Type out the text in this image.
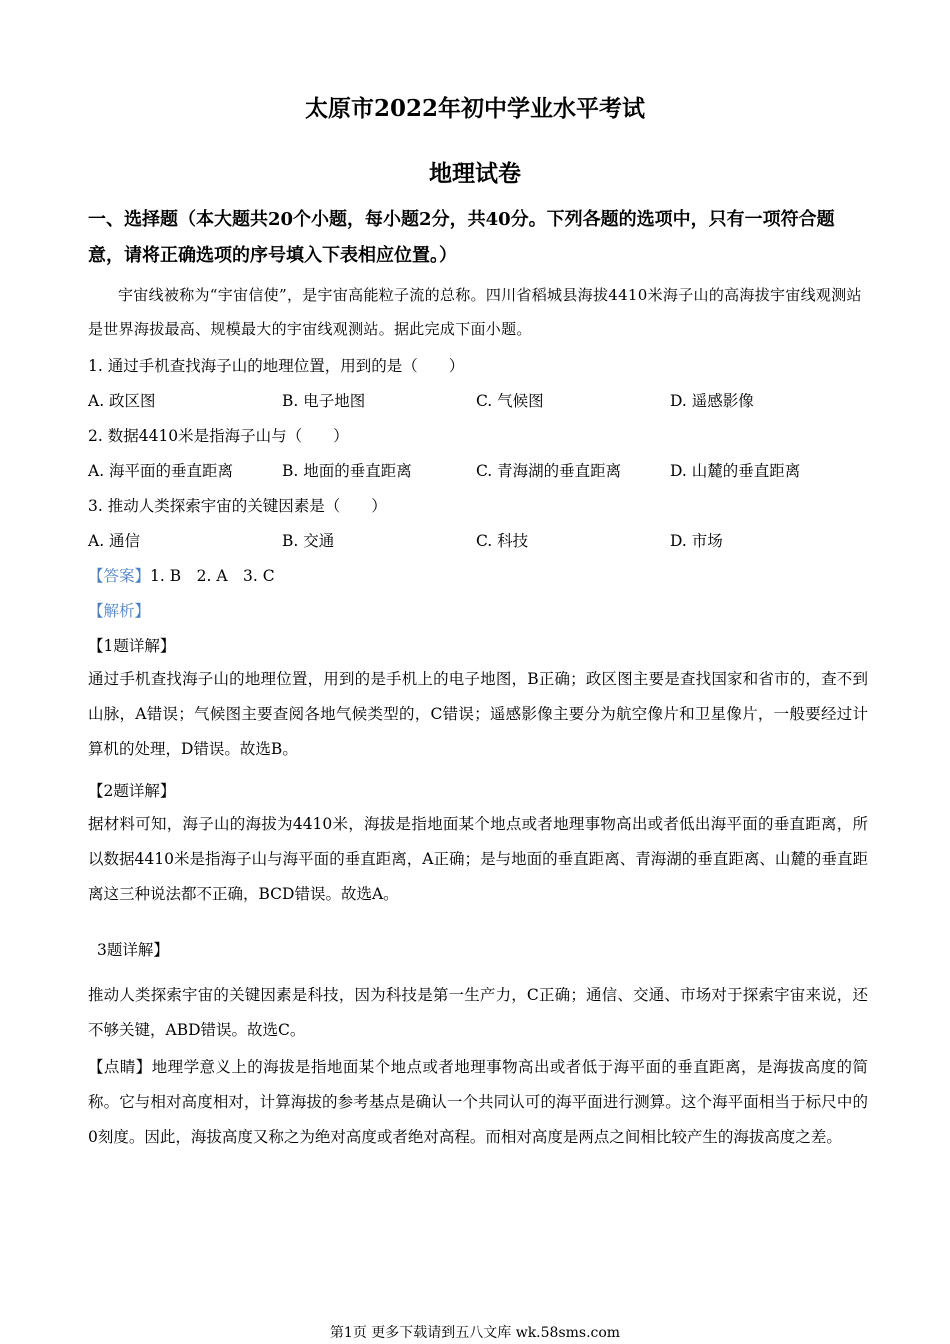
太原市2022年初中学业水平考试
地理试卷
一、选择题（本大题共20个小题，每小题2分，共40分。下列各题的选项中，只有一项符合题意，请将正确选项的序号填入下表相应位置。）
宇宙线被称为“宇宙信使”，是宇宙高能粒子流的总称。四川省稻城县海拔4410米海子山的高海拔宇宙线观测站是世界海拔最高、规模最大的宇宙线观测站。据此完成下面小题。
1. 通过手机查找海子山的地理位置，用到的是（　　）
A. 政区图	B. 电子地图	C. 气候图	D. 遥感影像
2. 数据4410米是指海子山与（　　）
A. 海平面的垂直距离	B. 地面的垂直距离	C. 青海湖的垂直距离	D. 山麓的垂直距离
3. 推动人类探索宇宙的关键因素是（　　）
A. 通信	B. 交通	C. 科技	D. 市场
【答案】1. B　2. A　3. C
【解析】
【1题详解】
通过手机查找海子山的地理位置，用到的是手机上的电子地图，B正确；政区图主要是查找国家和省市的，查不到山脉，A错误；气候图主要查阅各地气候类型的，C错误；遥感影像主要分为航空像片和卫星像片，一般要经过计算机的处理，D错误。故选B。
【2题详解】
据材料可知，海子山的海拔为4410米，海拔是指地面某个地点或者地理事物高出或者低出海平面的垂直距离，所以数据4410米是指海子山与海平面的垂直距离，A正确；是与地面的垂直距离、青海湖的垂直距离、山麓的垂直距离这三种说法都不正确，BCD错误。故选A。
3题详解】
推动人类探索宇宙的关键因素是科技，因为科技是第一生产力，C正确；通信、交通、市场对于探索宇宙来说，还不够关键，ABD错误。故选C。
【点睛】地理学意义上的海拔是指地面某个地点或者地理事物高出或者低于海平面的垂直距离，是海拔高度的简称。它与相对高度相对，计算海拔的参考基点是确认一个共同认可的海平面进行测算。这个海平面相当于标尺中的0刻度。因此，海拔高度又称之为绝对高度或者绝对高程。而相对高度是两点之间相比较产生的海拔高度之差。
第1页 更多下载请到五八文库 wk.58sms.com
